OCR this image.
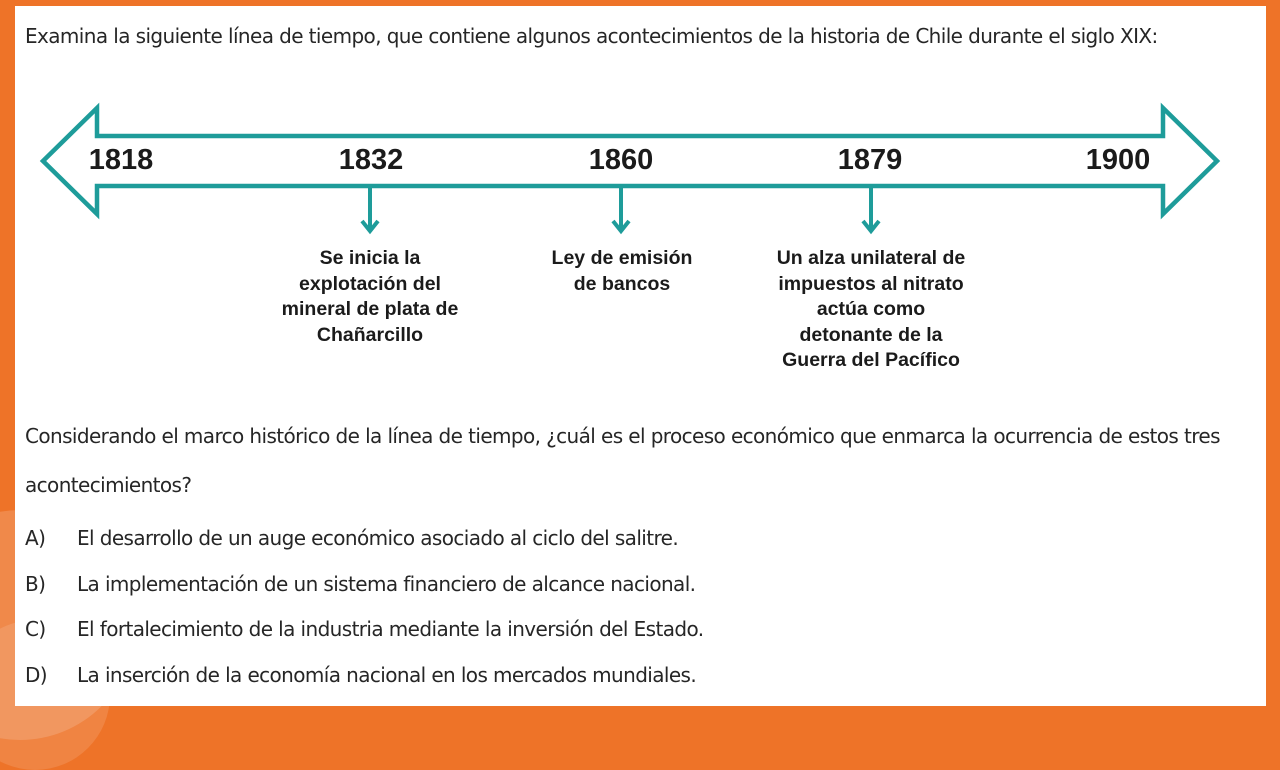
Examina la siguiente línea de tiempo, que contiene algunos acontecimientos de la historia de Chile durante el siglo XIX:

1818	1832	1860	1879	1900
Se inicia la
explotación del
mineral de plata de
Chañarcillo
Ley de emisión
de bancos
Un alza unilateral de
impuestos al nitrato
actúa como
detonante de la
Guerra del Pacífico

Considerando el marco histórico de la línea de tiempo, ¿cuál es el proceso económico que enmarca la ocurrencia de estos tres acontecimientos?

A)	El desarrollo de un auge económico asociado al ciclo del salitre.
B)	La implementación de un sistema financiero de alcance nacional.
C)	El fortalecimiento de la industria mediante la inversión del Estado.
D)	La inserción de la economía nacional en los mercados mundiales.
